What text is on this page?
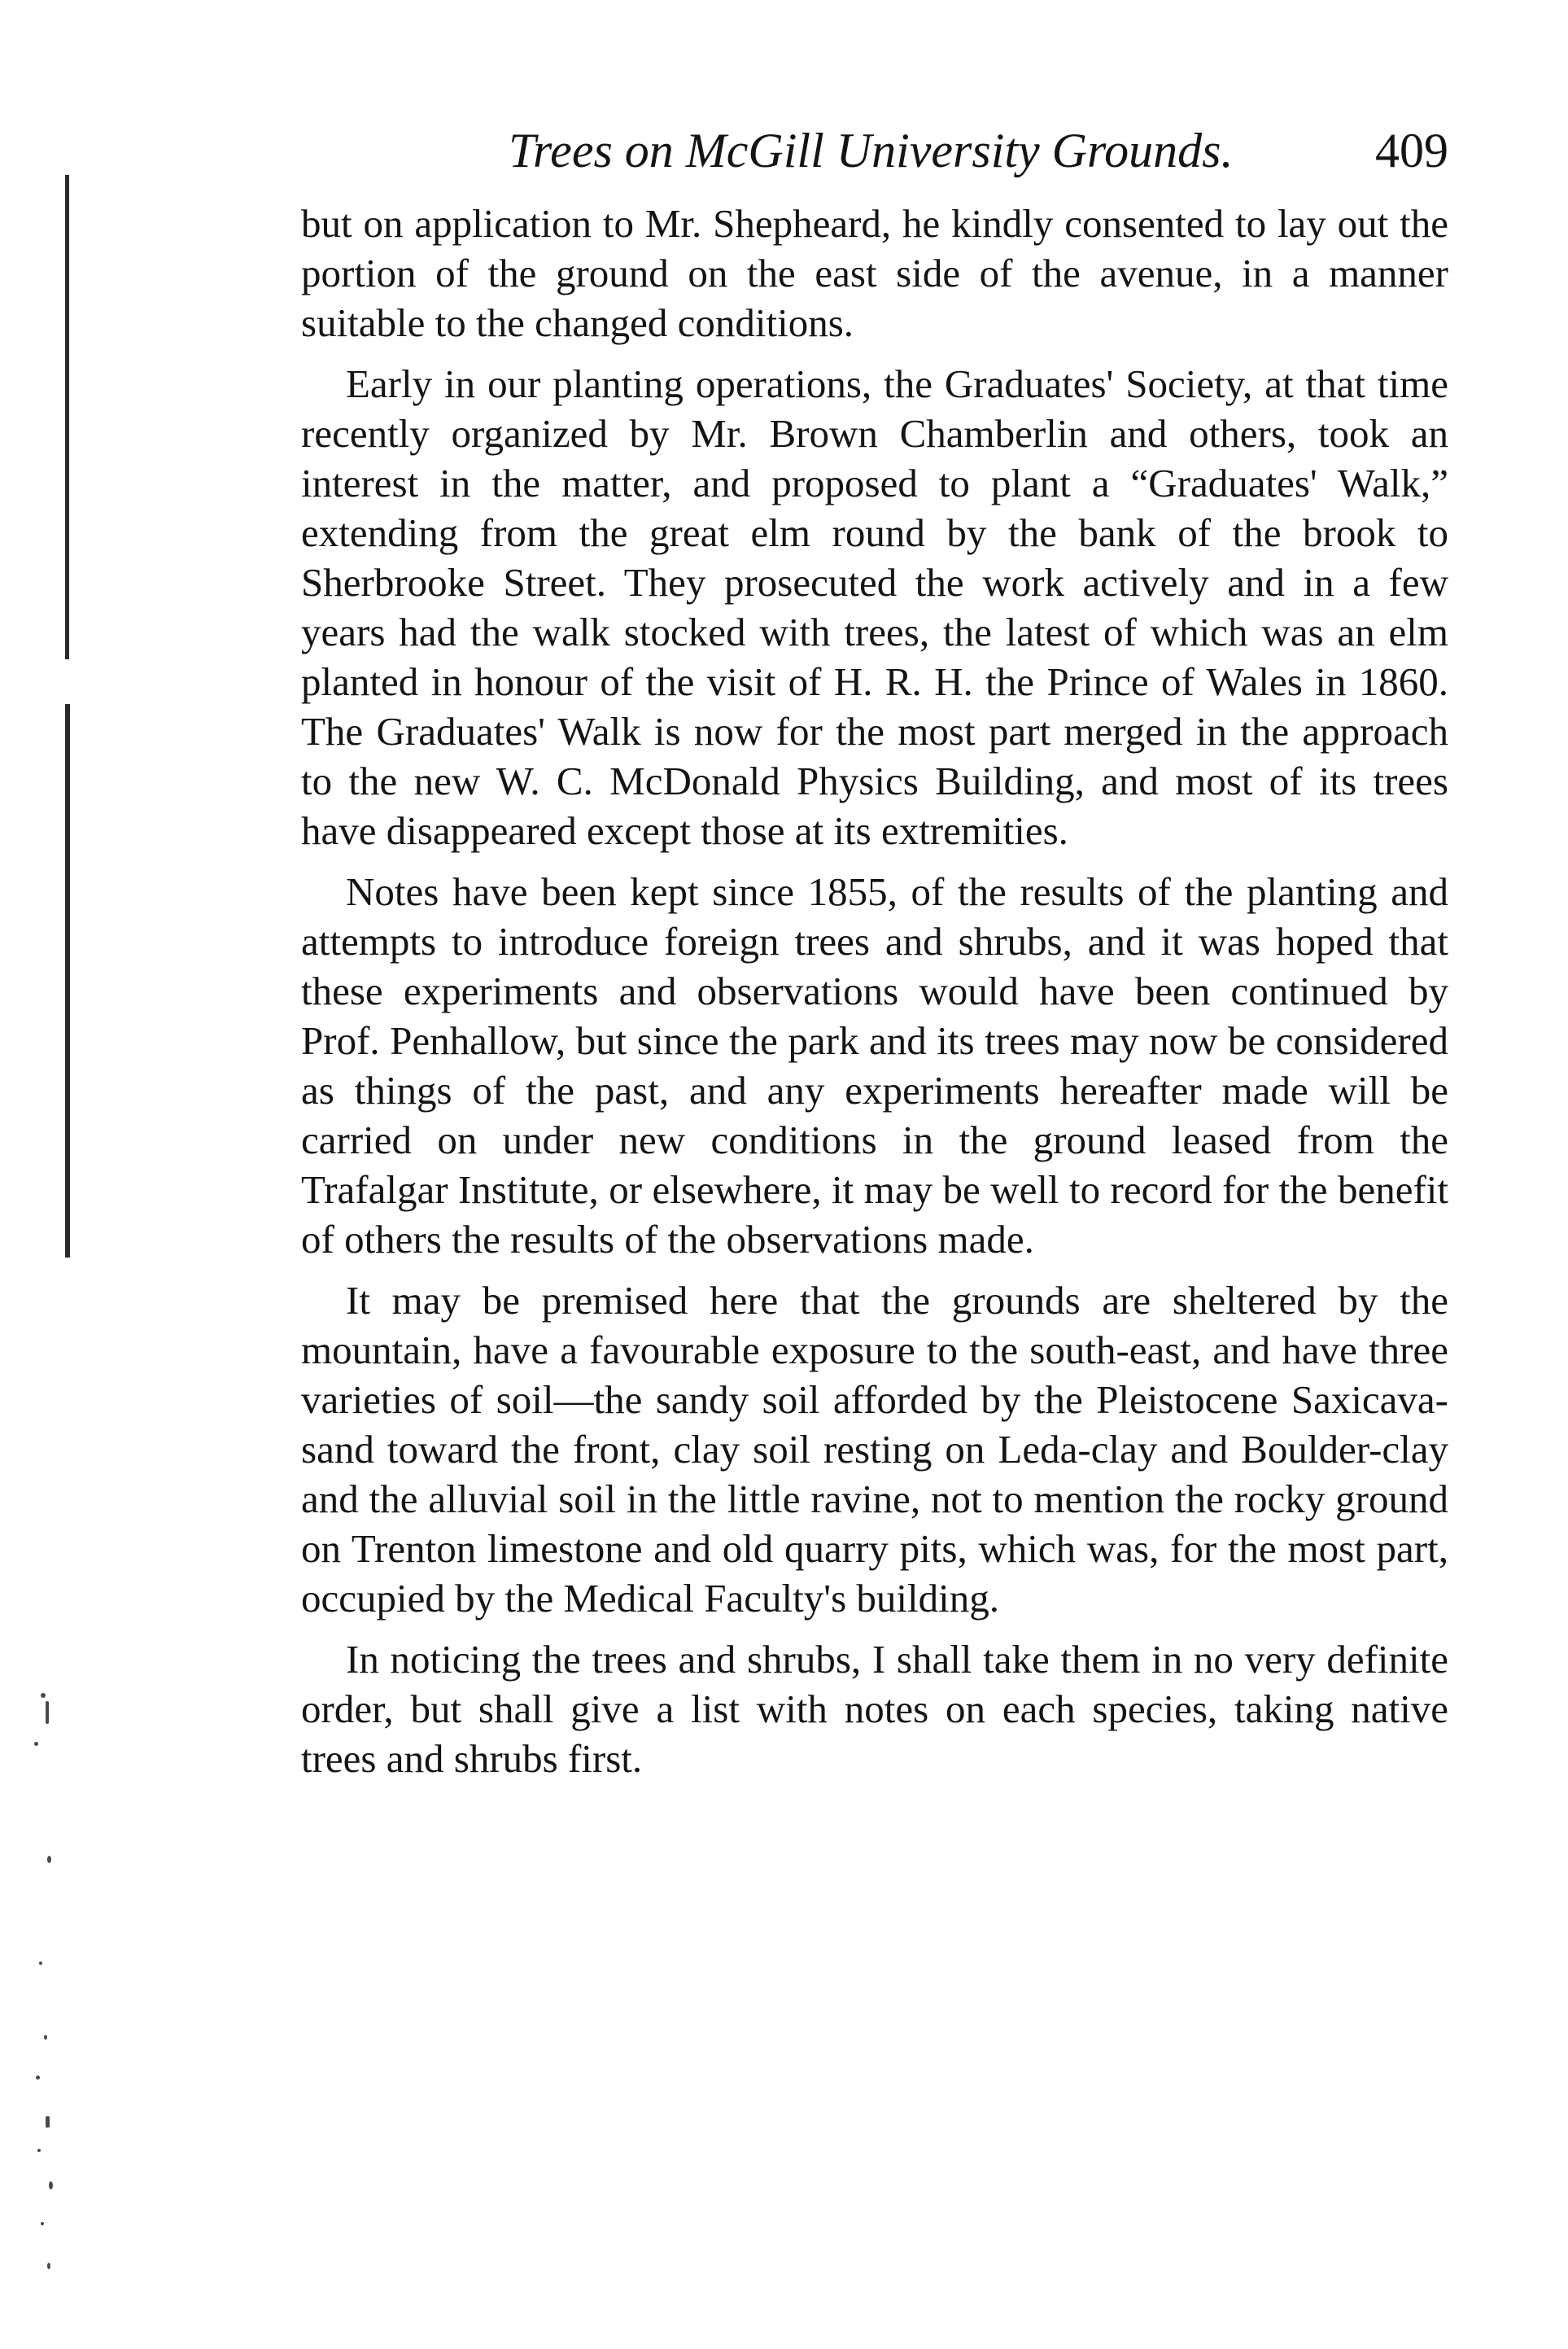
Trees on McGill University Grounds.	409

but on application to Mr. Shepheard, he kindly consented to lay out the portion of the ground on the east side of the avenue, in a manner suitable to the changed conditions.

Early in our planting operations, the Graduates' Society, at that time recently organized by Mr. Brown Chamberlin and others, took an interest in the matter, and proposed to plant a “Graduates' Walk,” extending from the great elm round by the bank of the brook to Sherbrooke Street. They prosecuted the work actively and in a few years had the walk stocked with trees, the latest of which was an elm planted in honour of the visit of H. R. H. the Prince of Wales in 1860. The Graduates' Walk is now for the most part merged in the approach to the new W. C. McDonald Physics Building, and most of its trees have disappeared except those at its extremities.

Notes have been kept since 1855, of the results of the planting and attempts to introduce foreign trees and shrubs, and it was hoped that these experiments and observations would have been continued by Prof. Penhallow, but since the park and its trees may now be considered as things of the past, and any experiments hereafter made will be carried on under new conditions in the ground leased from the Trafalgar Institute, or elsewhere, it may be well to record for the benefit of others the results of the observations made.

It may be premised here that the grounds are sheltered by the mountain, have a favourable exposure to the south-east, and have three varieties of soil—the sandy soil afforded by the Pleistocene Saxicava-sand toward the front, clay soil resting on Leda-clay and Boulder-clay and the alluvial soil in the little ravine, not to mention the rocky ground on Trenton limestone and old quarry pits, which was, for the most part, occupied by the Medical Faculty's building.

In noticing the trees and shrubs, I shall take them in no very definite order, but shall give a list with notes on each species, taking native trees and shrubs first.
